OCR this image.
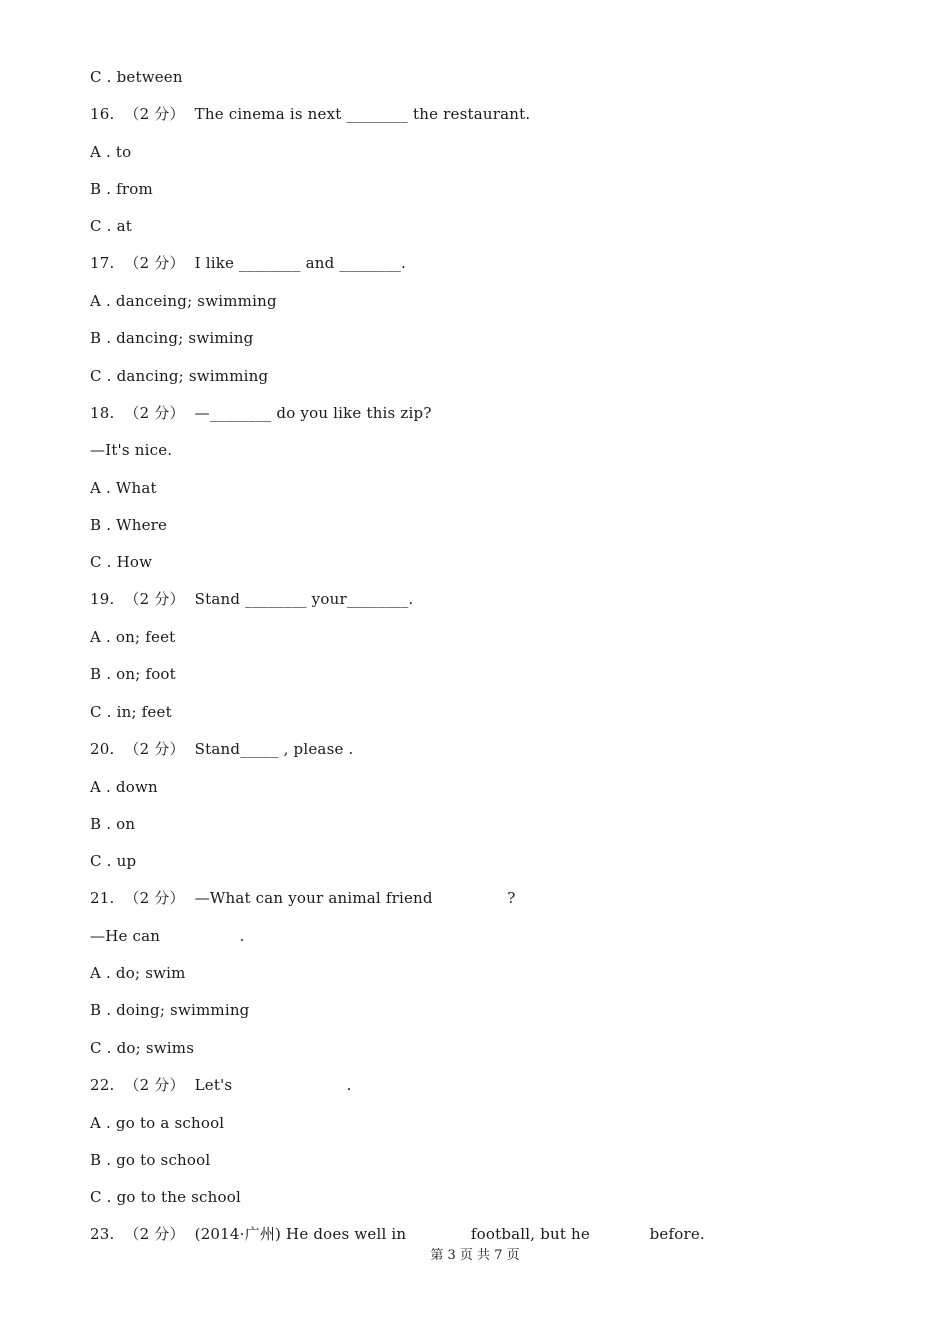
C . between
16.  （2 分）  The cinema is next ________ the restaurant.
A . to
B . from
C . at
17.  （2 分）  I like ________ and ________.
A . danceing; swimming
B . dancing; swiming
C . dancing; swimming
18.  （2 分）  —________ do you like this zip?
—It's nice.
A . What
B . Where
C . How
19.  （2 分）  Stand ________ your________.
A . on; feet
B . on; foot
C . in; feet
20.  （2 分）  Stand_____ , please .
A . down
B . on
C . up
21.  （2 分）  —What can your animal friend               ?
—He can                .
A . do; swim
B . doing; swimming
C . do; swims
22.  （2 分）  Let's                       .
A . go to a school
B . go to school
C . go to the school
23.  （2 分）  (2014·广州) He does well in             football, but he            before.
第 3 页 共 7 页
